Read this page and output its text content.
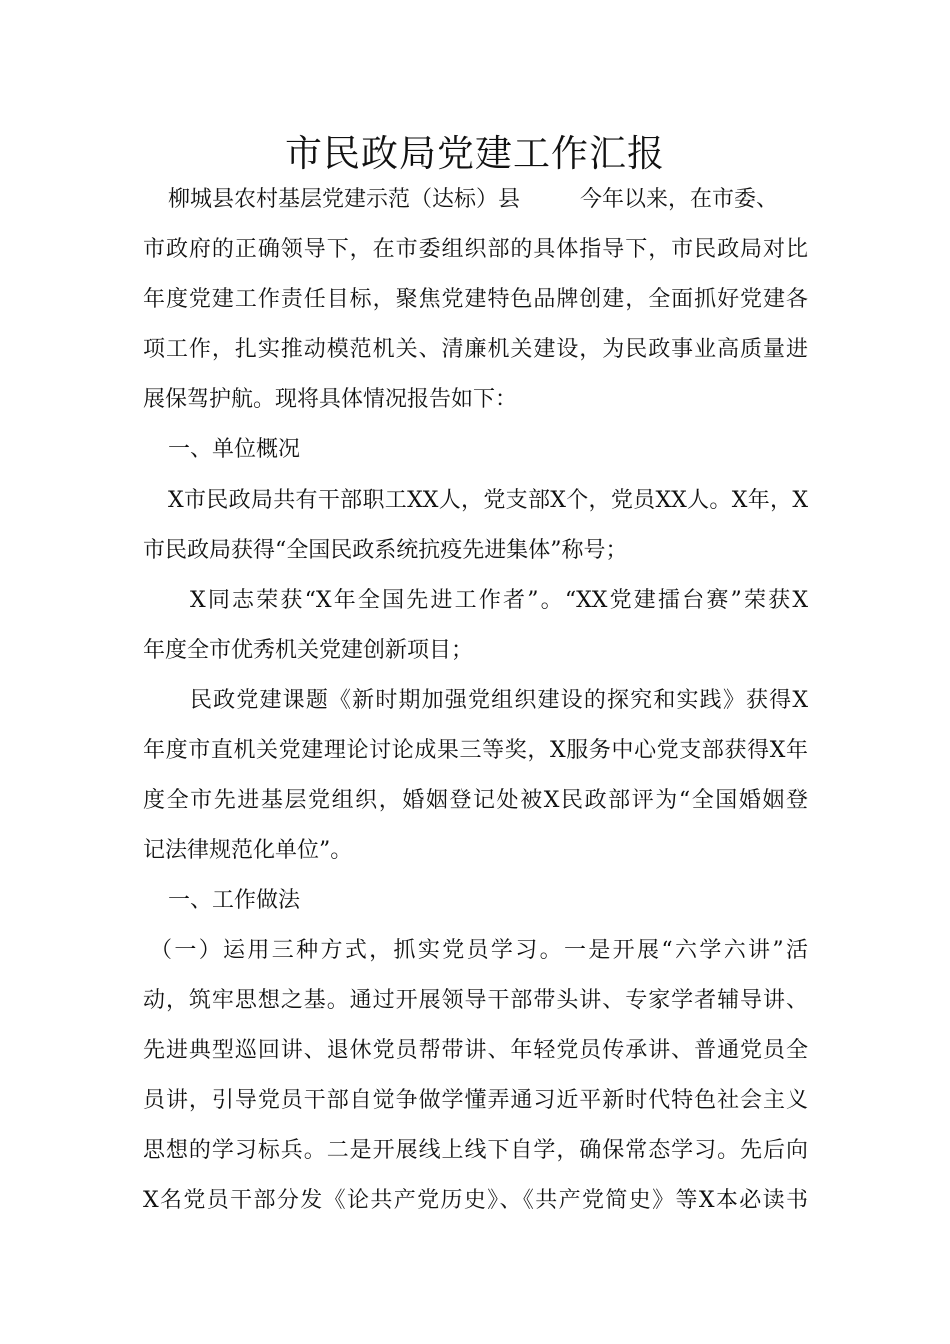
市民政局党建工作汇报
柳城县农村基层党建示范（达标）县	今年以来，在市委、
市政府的正确领导下，在市委组织部的具体指导下，市民政局对比
年度党建工作责任目标，聚焦党建特色品牌创建，全面抓好党建各
项工作，扎实推动模范机关、清廉机关建设，为民政事业高质量进
展保驾护航。现将具体情况报告如下：
一、单位概况
X市民政局共有干部职工XX人，党支部X个，党员XX人。X年，X
市民政局获得“全国民政系统抗疫先进集体”称号；
X同志荣获“X年全国先进工作者”。“XX党建擂台赛”荣获X
年度全市优秀机关党建创新项目；
民政党建课题《新时期加强党组织建设的探究和实践》获得X
年度市直机关党建理论讨论成果三等奖，X服务中心党支部获得X年
度全市先进基层党组织，婚姻登记处被X民政部评为“全国婚姻登
记法律规范化单位”。
一、工作做法
（一）运用三种方式，抓实党员学习。一是开展“六学六讲”活
动，筑牢思想之基。通过开展领导干部带头讲、专家学者辅导讲、
先进典型巡回讲、退休党员帮带讲、年轻党员传承讲、普通党员全
员讲，引导党员干部自觉争做学懂弄通习近平新时代特色社会主义
思想的学习标兵。二是开展线上线下自学，确保常态学习。先后向
X名党员干部分发《论共产党历史》、《共产党简史》等X本必读书
